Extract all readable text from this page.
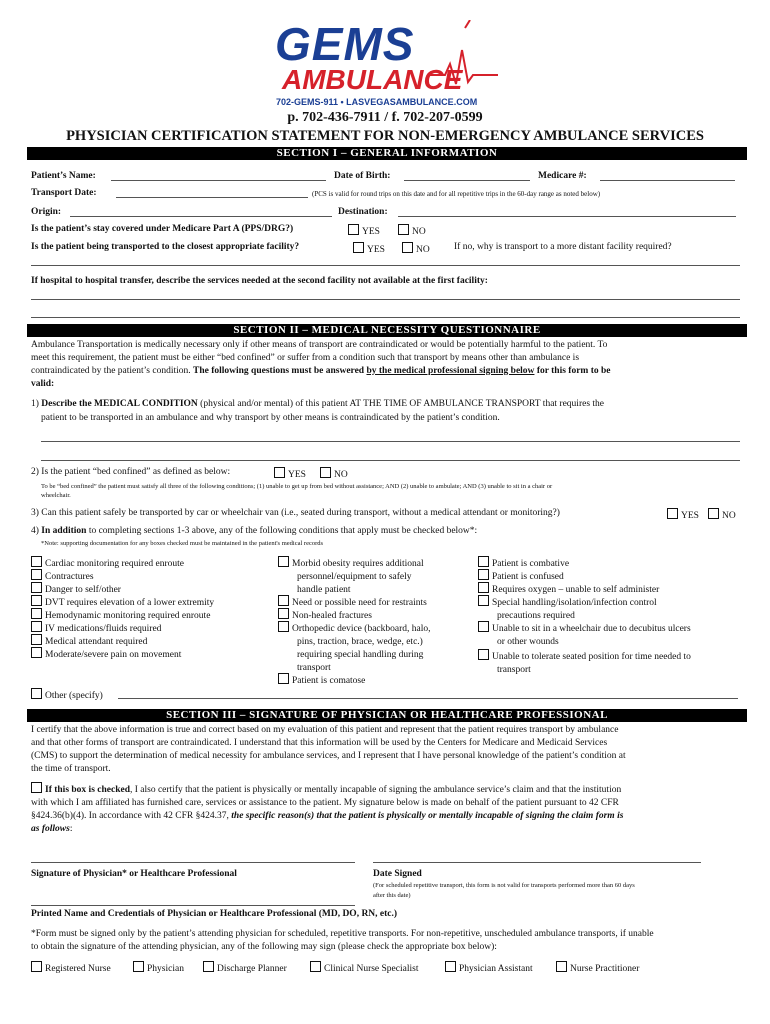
GEMS
AMBULANCE
702-GEMS-911 • LASVEGASAMBULANCE.COM
p. 702-436-7911 / f. 702-207-0599
PHYSICIAN CERTIFICATION STATEMENT FOR NON-EMERGENCY AMBULANCE SERVICES
SECTION I – GENERAL INFORMATION
Patient’s Name:	Date of Birth:	Medicare #:
Transport Date:	(PCS is valid for round trips on this date and for all repetitive trips in the 60-day range as noted below)
Origin:	Destination:
Is the patient’s stay covered under Medicare Part A (PPS/DRG?)	YES	NO
Is the patient being transported to the closest appropriate facility?	YES	NO	If no, why is transport to a more distant facility required?
If hospital to hospital transfer, describe the services needed at the second facility not available at the first facility:
SECTION II – MEDICAL NECESSITY QUESTIONNAIRE
Ambulance Transportation is medically necessary only if other means of transport are contraindicated or would be potentially harmful to the patient. To
meet this requirement, the patient must be either “bed confined” or suffer from a condition such that transport by means other than ambulance is
contraindicated by the patient’s condition. The following questions must be answered by the medical professional signing below for this form to be
valid:
1) Describe the MEDICAL CONDITION (physical and/or mental) of this patient AT THE TIME OF AMBULANCE TRANSPORT that requires the
patient to be transported in an ambulance and why transport by other means is contraindicated by the patient’s condition.
2) Is the patient “bed confined” as defined as below:	YES	NO
To be “bed confined” the patient must satisfy all three of the following conditions; (1) unable to get up from bed without assistance; AND (2) unable to ambulate; AND (3) unable to sit in a chair or
wheelchair.
3) Can this patient safely be transported by car or wheelchair van (i.e., seated during transport, without a medical attendant or monitoring?)	YES	NO
4) In addition to completing sections 1-3 above, any of the following conditions that apply must be checked below*:
*Note: supporting documentation for any boxes checked must be maintained in the patient's medical records
Cardiac monitoring required enroute
Contractures
Danger to self/other
DVT requires elevation of a lower extremity
Hemodynamic monitoring required enroute
IV medications/fluids required
Medical attendant required
Moderate/severe pain on movement
Morbid obesity requires additional
personnel/equipment to safely
handle patient
Need or possible need for restraints
Non-healed fractures
Orthopedic device (backboard, halo,
pins, traction, brace, wedge, etc.)
requiring special handling during
transport
Patient is comatose
Patient is combative
Patient is confused
Requires oxygen – unable to self administer
Special handling/isolation/infection control
precautions required
Unable to sit in a wheelchair due to decubitus ulcers
or other wounds
Unable to tolerate seated position for time needed to
transport
Other (specify)
SECTION III – SIGNATURE OF PHYSICIAN OR HEALTHCARE PROFESSIONAL
I certify that the above information is true and correct based on my evaluation of this patient and represent that the patient requires transport by ambulance
and that other forms of transport are contraindicated. I understand that this information will be used by the Centers for Medicare and Medicaid Services
(CMS) to support the determination of medical necessity for ambulance services, and I represent that I have personal knowledge of the patient’s condition at
the time of transport.
If this box is checked, I also certify that the patient is physically or mentally incapable of signing the ambulance service’s claim and that the institution
with which I am affiliated has furnished care, services or assistance to the patient. My signature below is made on behalf of the patient pursuant to 42 CFR
§424.36(b)(4). In accordance with 42 CFR §424.37, the specific reason(s) that the patient is physically or mentally incapable of signing the claim form is
as follows:
Signature of Physician* or Healthcare Professional	Date Signed
(For scheduled repetitive transport, this form is not valid for transports performed more than 60 days
after this date)
Printed Name and Credentials of Physician or Healthcare Professional (MD, DO, RN, etc.)
*Form must be signed only by the patient’s attending physician for scheduled, repetitive transports. For non-repetitive, unscheduled ambulance transports, if unable
to obtain the signature of the attending physician, any of the following may sign (please check the appropriate box below):
Registered Nurse	Physician	Discharge Planner	Clinical Nurse Specialist	Physician Assistant	Nurse Practitioner
